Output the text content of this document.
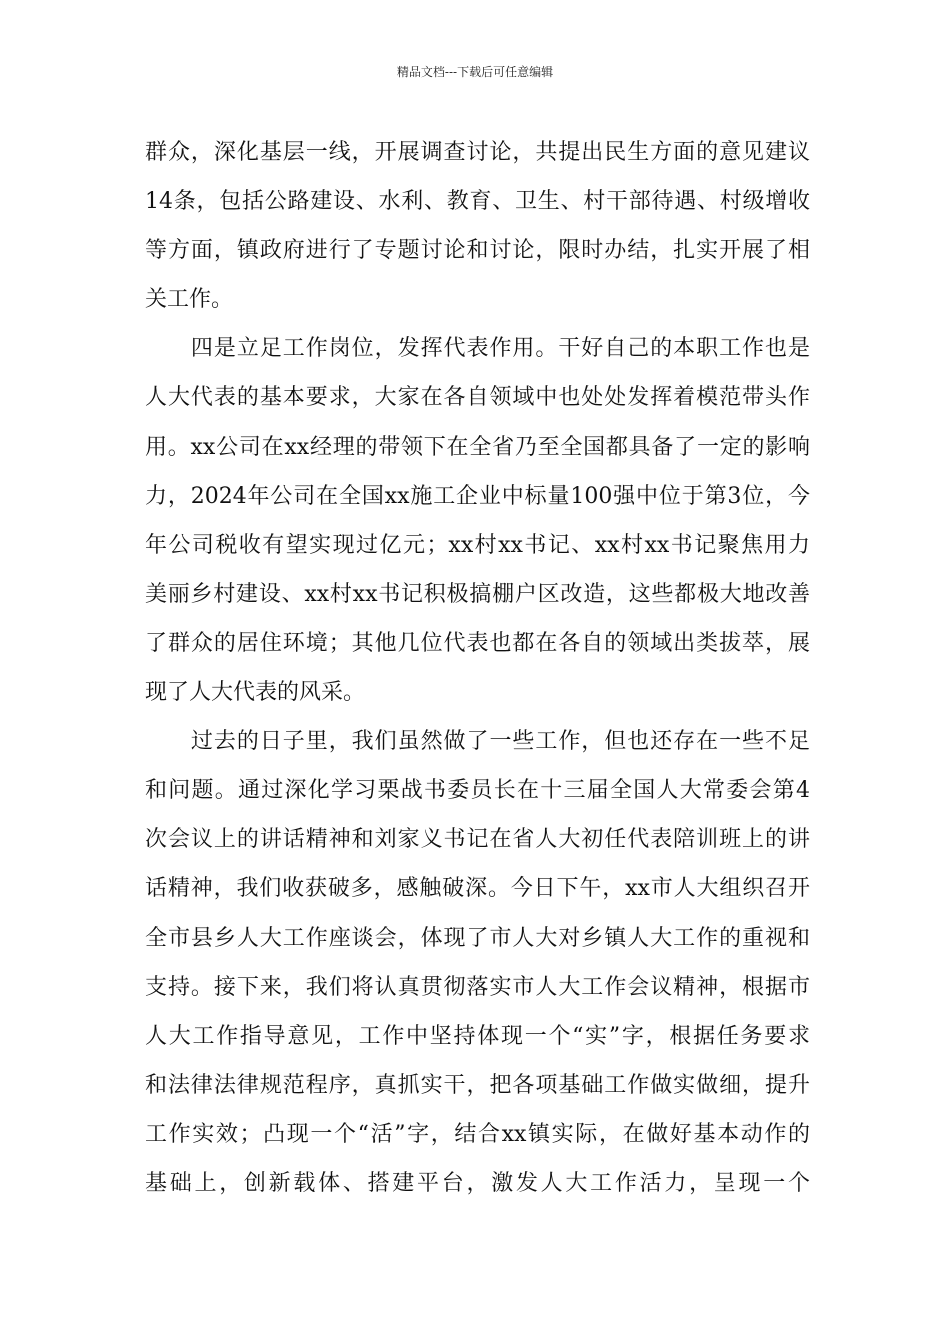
精品文档---下载后可任意编辑
群众，深化基层一线，开展调查讨论，共提出民生方面的意见建议
14条，包括公路建设、水利、教育、卫生、村干部待遇、村级增收
等方面，镇政府进行了专题讨论和讨论，限时办结，扎实开展了相
关工作。
　　四是立足工作岗位，发挥代表作用。干好自己的本职工作也是
人大代表的基本要求，大家在各自领域中也处处发挥着模范带头作
用。xx公司在xx经理的带领下在全省乃至全国都具备了一定的影响
力，2024年公司在全国xx施工企业中标量100强中位于第3位，今
年公司税收有望实现过亿元；xx村xx书记、xx村xx书记聚焦用力
美丽乡村建设、xx村xx书记积极搞棚户区改造，这些都极大地改善
了群众的居住环境；其他几位代表也都在各自的领域出类拔萃，展
现了人大代表的风采。
　　过去的日子里，我们虽然做了一些工作，但也还存在一些不足
和问题。通过深化学习栗战书委员长在十三届全国人大常委会第4
次会议上的讲话精神和刘家义书记在省人大初任代表陪训班上的讲
话精神，我们收获破多，感触破深。今日下午，xx市人大组织召开
全市县乡人大工作座谈会，体现了市人大对乡镇人大工作的重视和
支持。接下来，我们将认真贯彻落实市人大工作会议精神，根据市
人大工作指导意见，工作中坚持体现一个“实”字，根据任务要求
和法律法律规范程序，真抓实干，把各项基础工作做实做细，提升
工作实效；凸现一个“活”字，结合xx镇实际，在做好基本动作的
基础上，创新载体、搭建平台，激发人大工作活力，呈现一个
